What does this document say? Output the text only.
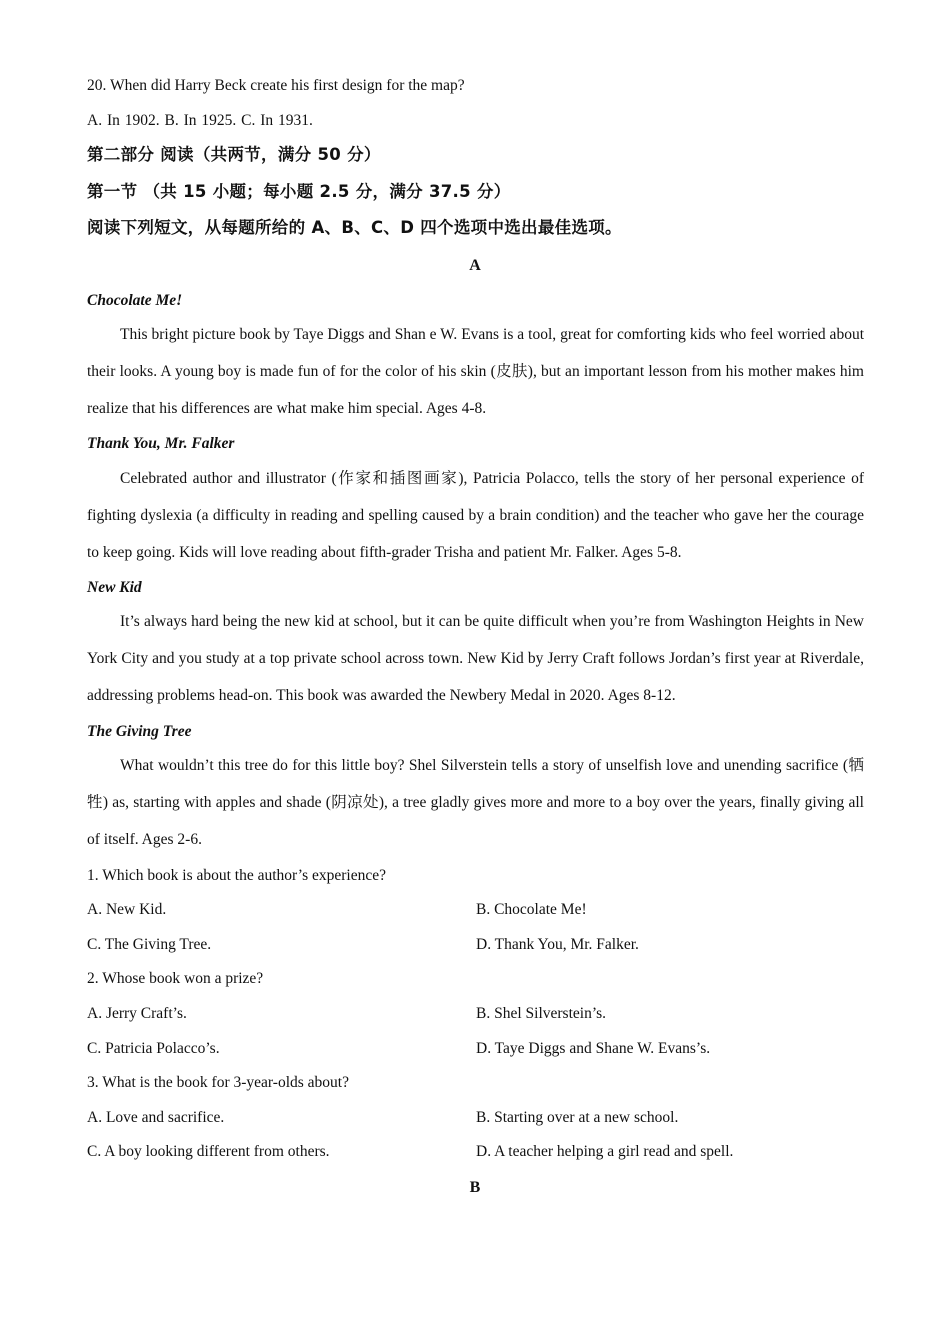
20. When did Harry Beck create his first design for the map?
A. In 1902. B. In 1925. C. In 1931.
第二部分 阅读（共两节，满分 50 分）
第一节 （共 15 小题；每小题 2.5 分，满分 37.5 分）
阅读下列短文，从每题所给的 A、B、C、D 四个选项中选出最佳选项。
A
Chocolate Me!
This bright picture book by Taye Diggs and Shan e W. Evans is a tool, great for comforting kids who feel worried about their looks. A young boy is made fun of for the color of his skin (皮肤), but an important lesson from his mother makes him realize that his differences are what make him special. Ages 4-8.
Thank You, Mr. Falker
Celebrated author and illustrator (作家和插图画家), Patricia Polacco, tells the story of her personal experience of fighting dyslexia (a difficulty in reading and spelling caused by a brain condition) and the teacher who gave her the courage to keep going. Kids will love reading about fifth-grader Trisha and patient Mr. Falker. Ages 5-8.
New Kid
It’s always hard being the new kid at school, but it can be quite difficult when you’re from Washington Heights in New York City and you study at a top private school across town. New Kid by Jerry Craft follows Jordan’s first year at Riverdale, addressing problems head-on. This book was awarded the Newbery Medal in 2020. Ages 8-12.
The Giving Tree
What wouldn’t this tree do for this little boy? Shel Silverstein tells a story of unselfish love and unending sacrifice (牺牲) as, starting with apples and shade (阴凉处), a tree gladly gives more and more to a boy over the years, finally giving all of itself. Ages 2-6.
1. Which book is about the author’s experience?
A. New Kid.	B. Chocolate Me!
C. The Giving Tree.	D. Thank You, Mr. Falker.
2. Whose book won a prize?
A. Jerry Craft’s.	B. Shel Silverstein’s.
C. Patricia Polacco’s.	D. Taye Diggs and Shane W. Evans’s.
3. What is the book for 3-year-olds about?
A. Love and sacrifice.	B. Starting over at a new school.
C. A boy looking different from others.	D. A teacher helping a girl read and spell.
B
